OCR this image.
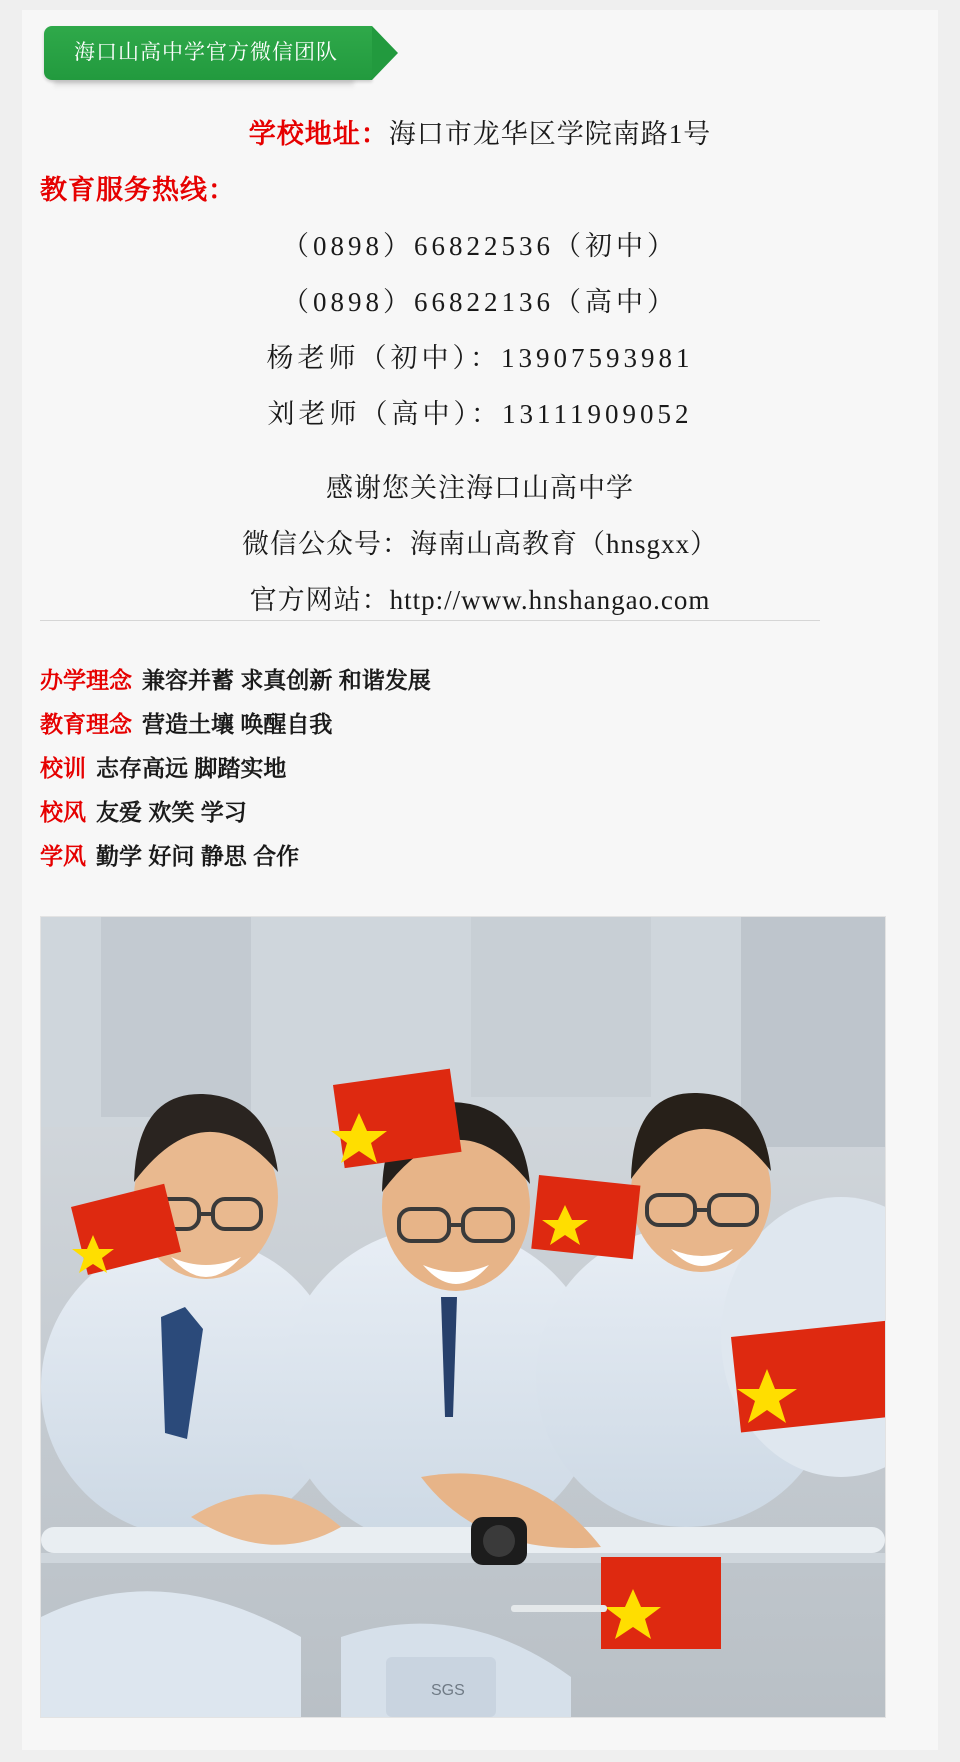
海口山高中学官方微信团队
学校地址：海口市龙华区学院南路1号
教育服务热线：
（0898）66822536（初中）
（0898）66822136（高中）
杨老师（初中）：13907593981
刘老师（高中）：13111909052
感谢您关注海口山高中学
微信公众号：海南山高教育（hnsgxx）
官方网站：http://www.hnshangao.com
办学理念 兼容并蓄 求真创新 和谐发展
教育理念 营造土壤 唤醒自我
校训 志存高远 脚踏实地
校风 友爱 欢笑 学习
学风 勤学 好问 静思 合作
SGS
